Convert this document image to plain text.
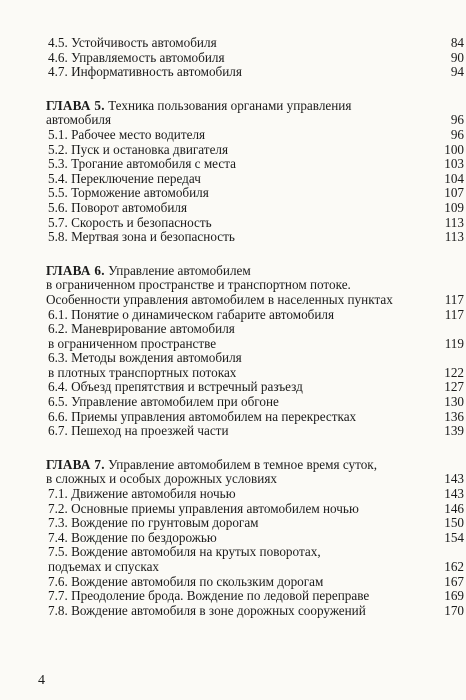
4.5. Устойчивость автомобиля	84
4.6. Управляемость автомобиля	90
4.7. Информативность автомобиля	94
ГЛАВА 5. Техника пользования органами управления
автомобиля	96
5.1. Рабочее место водителя	96
5.2. Пуск и остановка двигателя	100
5.3. Трогание автомобиля с места	103
5.4. Переключение передач	104
5.5. Торможение автомобиля	107
5.6. Поворот автомобиля	109
5.7. Скорость и безопасность	113
5.8. Мертвая зона и безопасность	113
ГЛАВА 6. Управление автомобилем
в ограниченном пространстве и транспортном потоке.
Особенности управления автомобилем в населенных пунктах	117
6.1. Понятие о динамическом габарите автомобиля	117
6.2. Маневрирование автомобиля
в ограниченном пространстве	119
6.3. Методы вождения автомобиля
в плотных транспортных потоках	122
6.4. Объезд препятствия и встречный разъезд	127
6.5. Управление автомобилем при обгоне	130
6.6. Приемы управления автомобилем на перекрестках	136
6.7. Пешеход на проезжей части	139
ГЛАВА 7. Управление автомобилем в темное время суток,
в сложных и особых дорожных условиях	143
7.1. Движение автомобиля ночью	143
7.2. Основные приемы управления автомобилем ночью	146
7.3. Вождение по грунтовым дорогам	150
7.4. Вождение по бездорожью	154
7.5. Вождение автомобиля на крутых поворотах,
подъемах и спусках	162
7.6. Вождение автомобиля по скользким дорогам	167
7.7. Преодоление брода. Вождение по ледовой переправе	169
7.8. Вождение автомобиля в зоне дорожных сооружений	170
4
